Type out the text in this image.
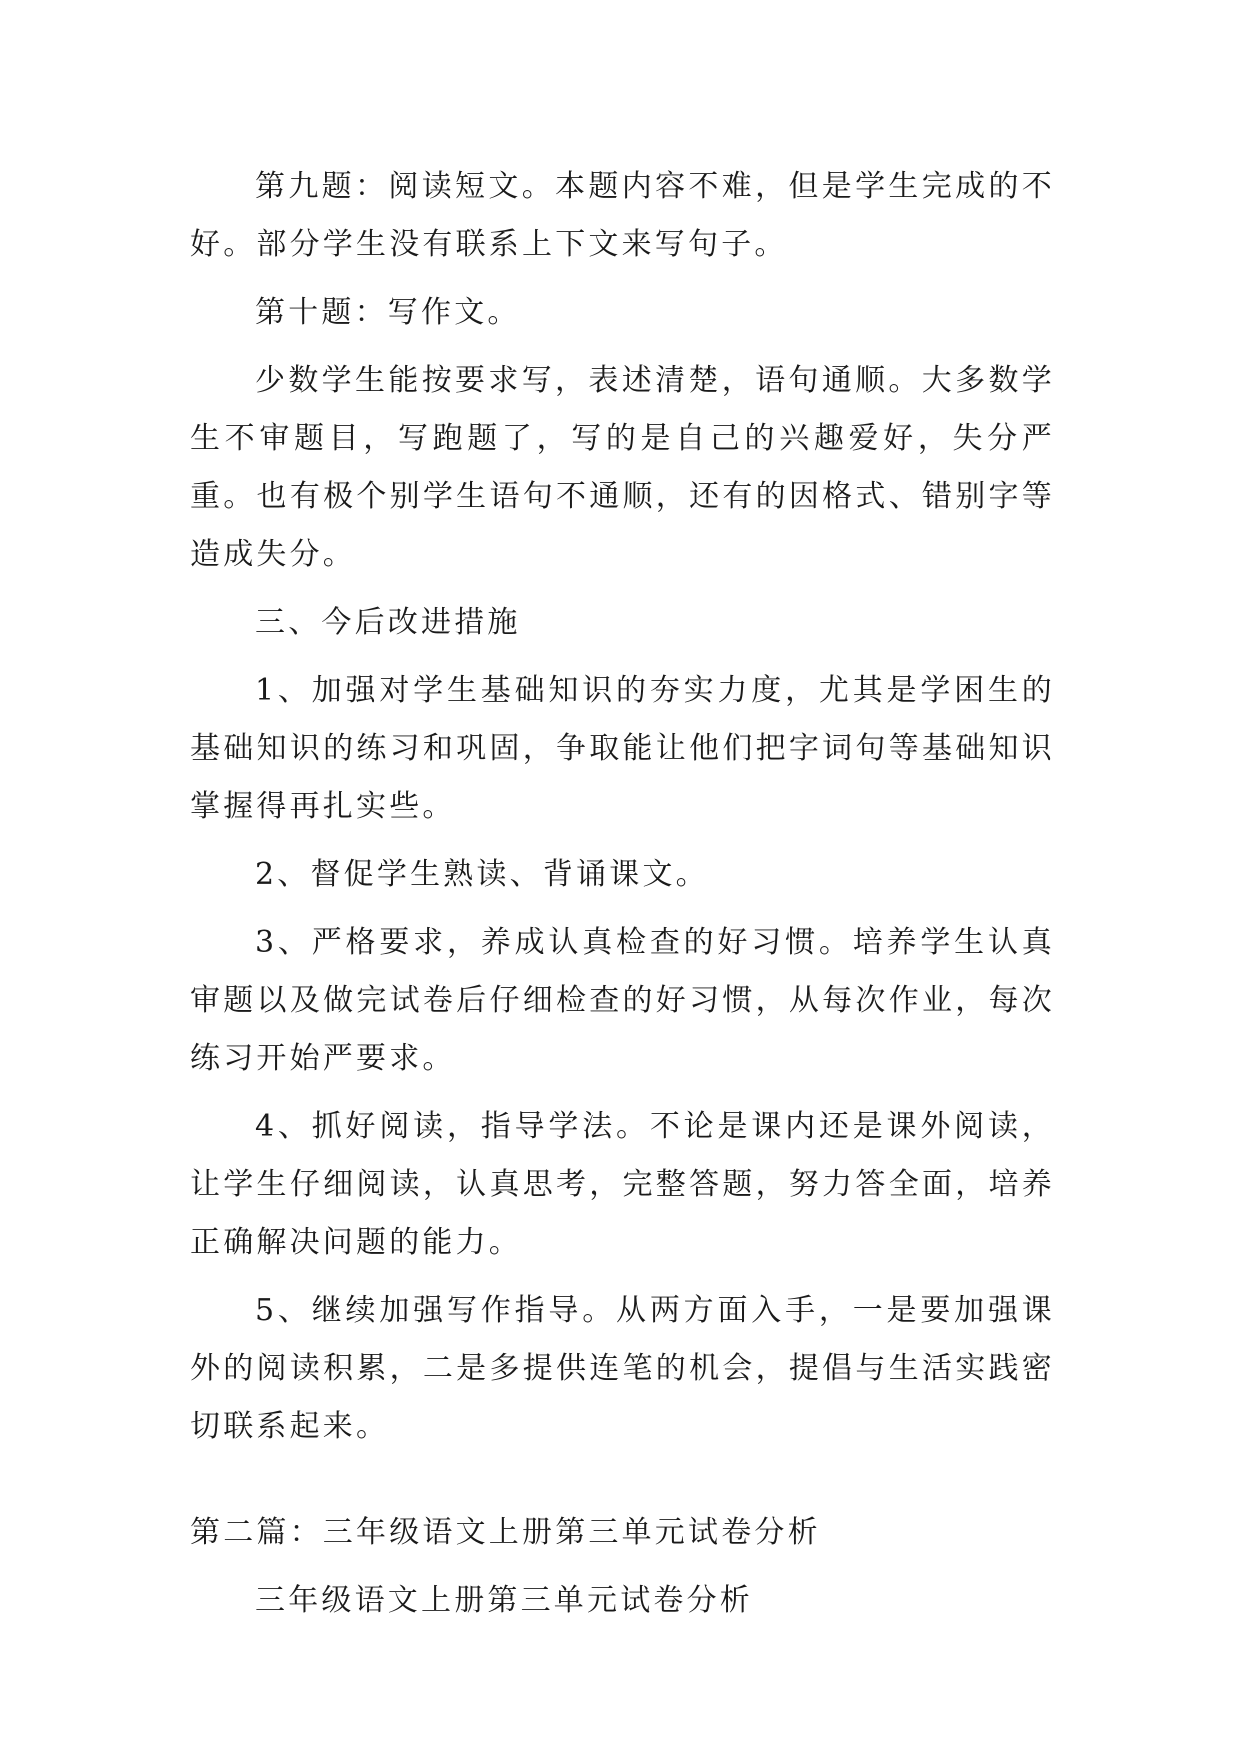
第九题：阅读短文。本题内容不难，但是学生完成的不好。部分学生没有联系上下文来写句子。

第十题：写作文。

少数学生能按要求写，表述清楚，语句通顺。大多数学生不审题目，写跑题了，写的是自己的兴趣爱好，失分严重。也有极个别学生语句不通顺，还有的因格式、错别字等造成失分。

三、今后改进措施

1、加强对学生基础知识的夯实力度，尤其是学困生的基础知识的练习和巩固，争取能让他们把字词句等基础知识掌握得再扎实些。

2、督促学生熟读、背诵课文。

3、严格要求，养成认真检查的好习惯。培养学生认真审题以及做完试卷后仔细检查的好习惯，从每次作业，每次练习开始严要求。

4、抓好阅读，指导学法。不论是课内还是课外阅读，让学生仔细阅读，认真思考，完整答题，努力答全面，培养正确解决问题的能力。

5、继续加强写作指导。从两方面入手，一是要加强课外的阅读积累，二是多提供连笔的机会，提倡与生活实践密切联系起来。

第二篇：三年级语文上册第三单元试卷分析

三年级语文上册第三单元试卷分析
